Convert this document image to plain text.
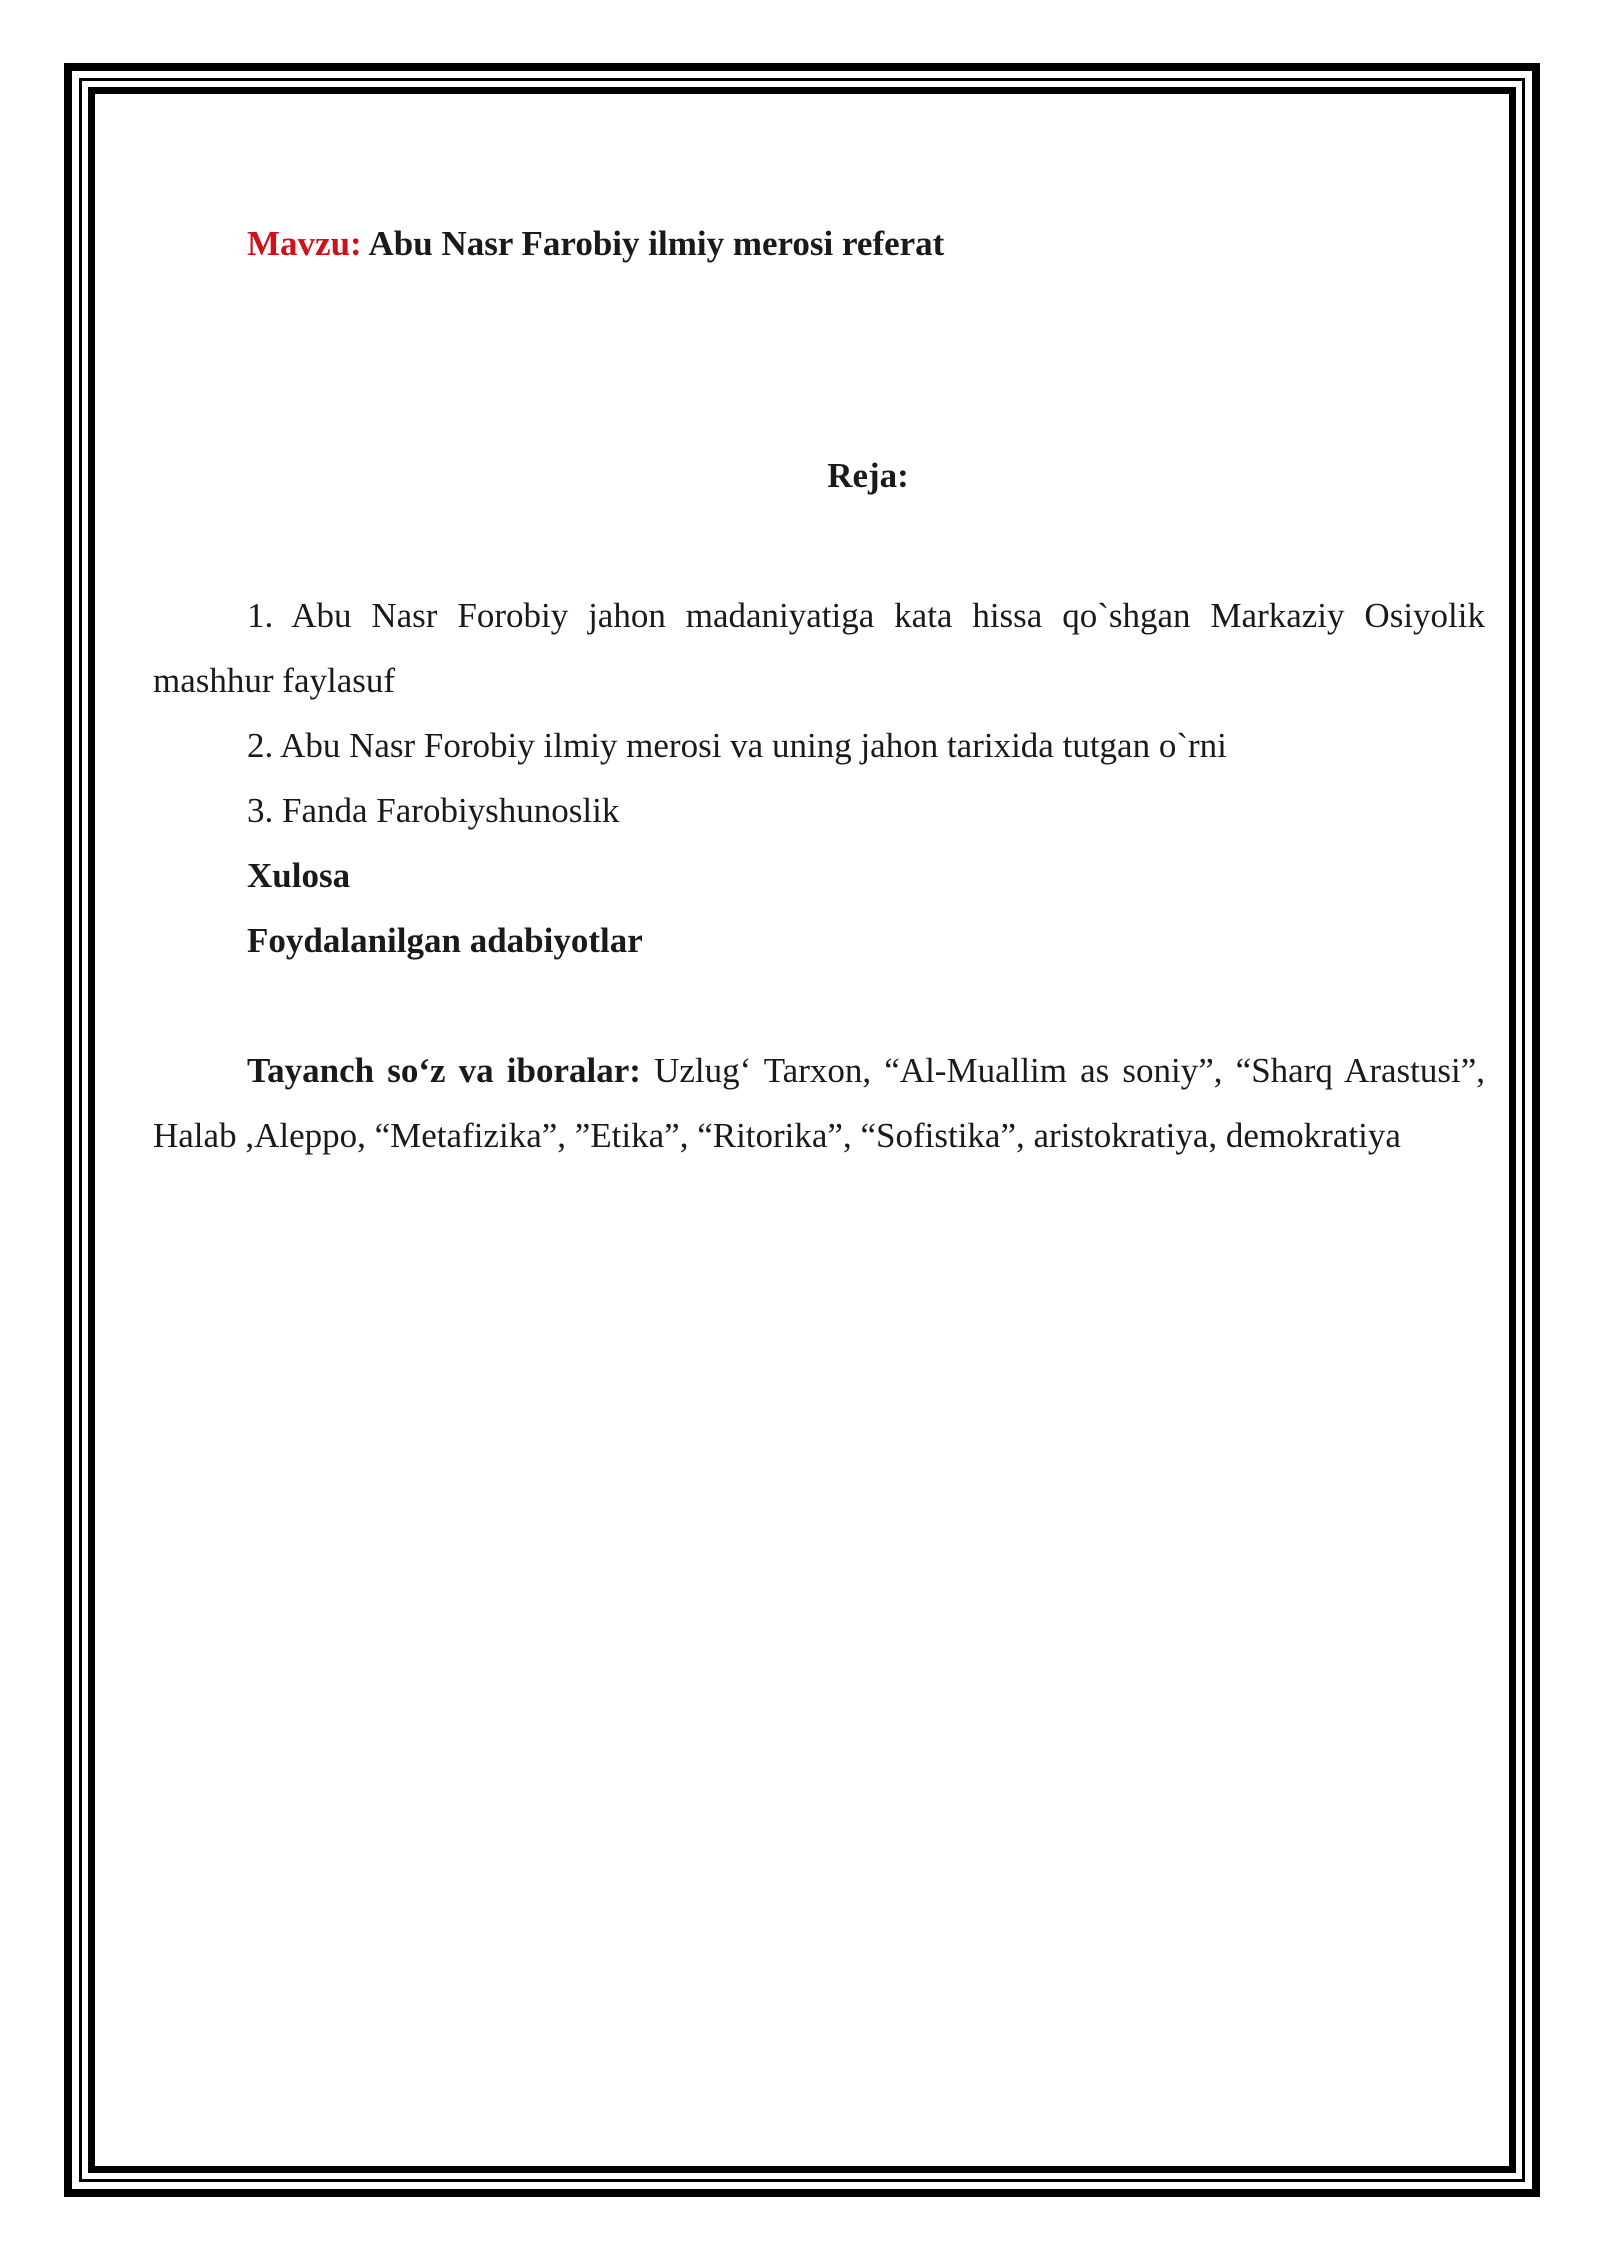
Mavzu: Abu Nasr Farobiy ilmiy merosi referat
Reja:
1. Abu Nasr Forobiy jahon madaniyatiga kata hissa qo`shgan Markaziy Osiyolik mashhur faylasuf
2. Abu Nasr Forobiy ilmiy merosi va uning jahon tarixida tutgan o`rni
3. Fanda Farobiyshunoslik
Xulosa
Foydalanilgan adabiyotlar
Tayanch so‘z va iboralar: Uzlug‘ Tarxon, “Al-Muallim as soniy”, “Sharq Arastusi”, Halab ,Aleppo, “Metafizika”, ”Etika”, “Ritorika”, “Sofistika”, aristokratiya, demokratiya
